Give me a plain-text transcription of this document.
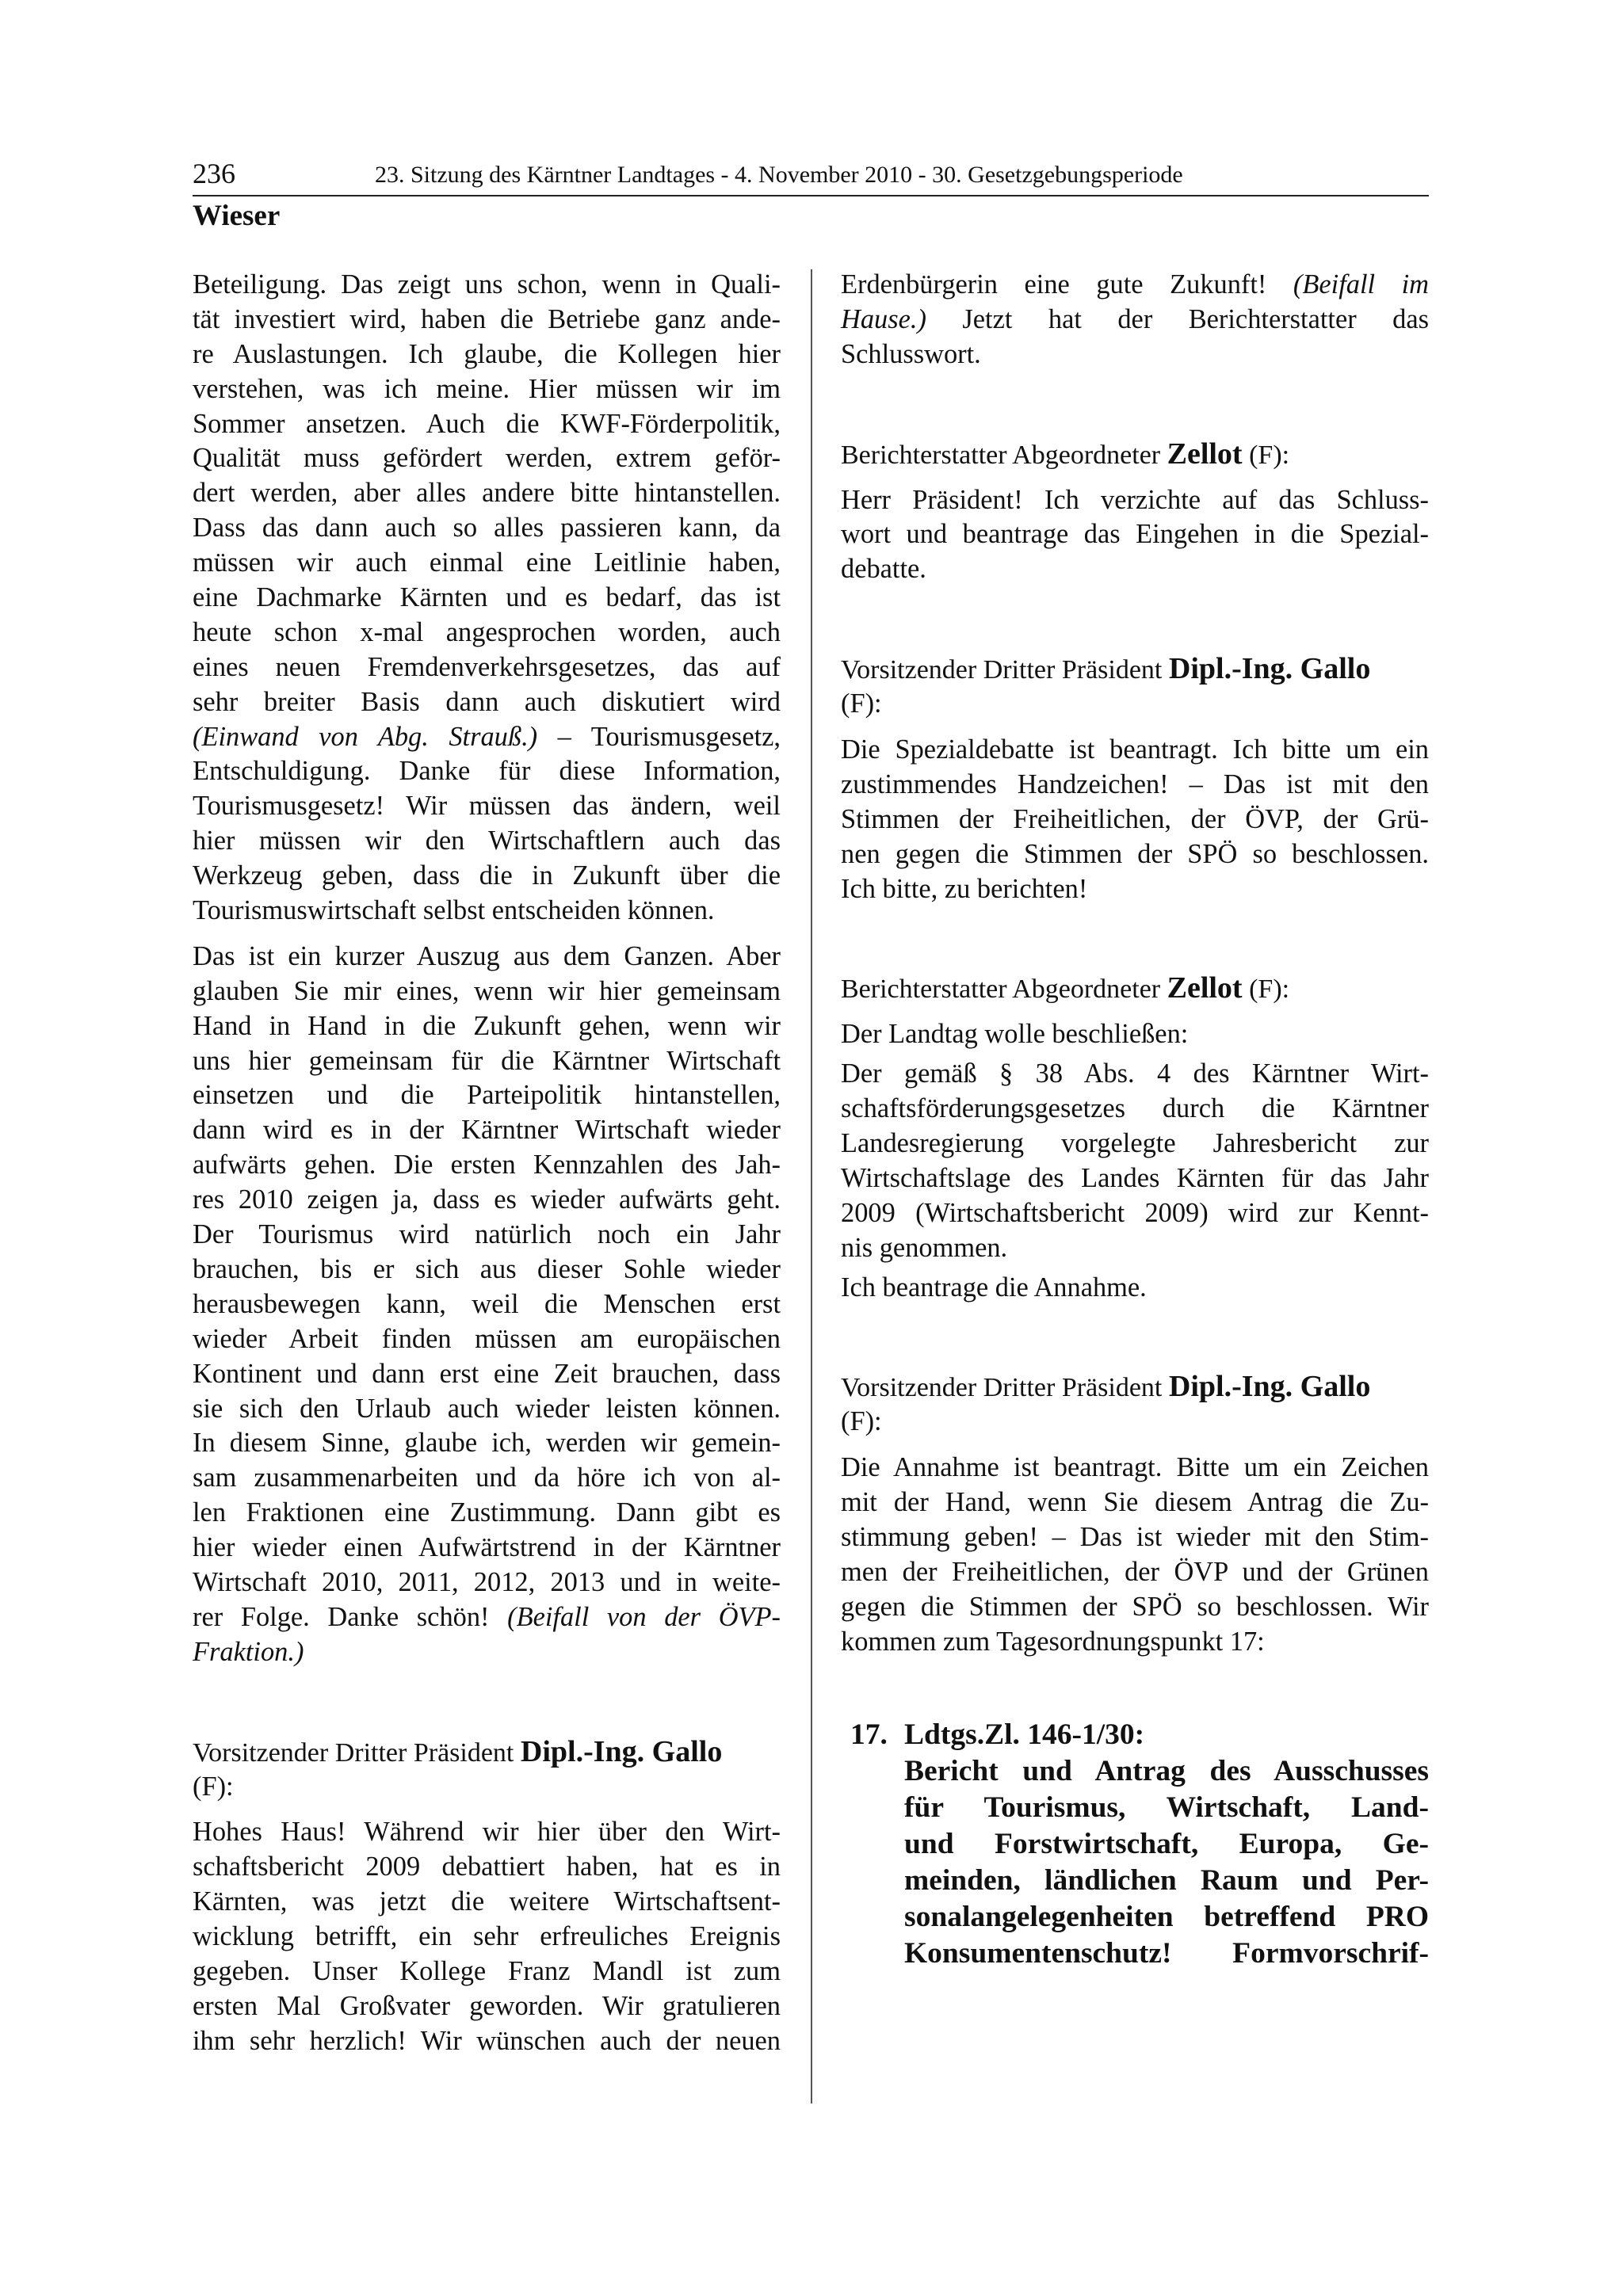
236	23. Sitzung des Kärntner Landtages - 4. November 2010 - 30. Gesetzgebungsperiode
Wieser
Beteiligung. Das zeigt uns schon, wenn in Quali-
tät investiert wird, haben die Betriebe ganz ande-
re Auslastungen. Ich glaube, die Kollegen hier
verstehen, was ich meine. Hier müssen wir im
Sommer ansetzen. Auch die KWF-Förderpolitik,
Qualität muss gefördert werden, extrem geför-
dert werden, aber alles andere bitte hintanstellen.
Dass das dann auch so alles passieren kann, da
müssen wir auch einmal eine Leitlinie haben,
eine Dachmarke Kärnten und es bedarf, das ist
heute schon x-mal angesprochen worden, auch
eines neuen Fremdenverkehrsgesetzes, das auf
sehr breiter Basis dann auch diskutiert wird
(Einwand von Abg. Strauß.) – Tourismusgesetz,
Entschuldigung. Danke für diese Information,
Tourismusgesetz! Wir müssen das ändern, weil
hier müssen wir den Wirtschaftlern auch das
Werkzeug geben, dass die in Zukunft über die
Tourismuswirtschaft selbst entscheiden können.
Das ist ein kurzer Auszug aus dem Ganzen. Aber
glauben Sie mir eines, wenn wir hier gemeinsam
Hand in Hand in die Zukunft gehen, wenn wir
uns hier gemeinsam für die Kärntner Wirtschaft
einsetzen und die Parteipolitik hintanstellen,
dann wird es in der Kärntner Wirtschaft wieder
aufwärts gehen. Die ersten Kennzahlen des Jah-
res 2010 zeigen ja, dass es wieder aufwärts geht.
Der Tourismus wird natürlich noch ein Jahr
brauchen, bis er sich aus dieser Sohle wieder
herausbewegen kann, weil die Menschen erst
wieder Arbeit finden müssen am europäischen
Kontinent und dann erst eine Zeit brauchen, dass
sie sich den Urlaub auch wieder leisten können.
In diesem Sinne, glaube ich, werden wir gemein-
sam zusammenarbeiten und da höre ich von al-
len Fraktionen eine Zustimmung. Dann gibt es
hier wieder einen Aufwärtstrend in der Kärntner
Wirtschaft 2010, 2011, 2012, 2013 und in weite-
rer Folge. Danke schön! (Beifall von der ÖVP-
Fraktion.)
Vorsitzender Dritter Präsident Dipl.-Ing. Gallo
(F):
Hohes Haus! Während wir hier über den Wirt-
schaftsbericht 2009 debattiert haben, hat es in
Kärnten, was jetzt die weitere Wirtschaftsent-
wicklung betrifft, ein sehr erfreuliches Ereignis
gegeben. Unser Kollege Franz Mandl ist zum
ersten Mal Großvater geworden. Wir gratulieren
ihm sehr herzlich! Wir wünschen auch der neuen
Erdenbürgerin eine gute Zukunft! (Beifall im
Hause.) Jetzt hat der Berichterstatter das
Schlusswort.
Berichterstatter Abgeordneter Zellot (F):
Herr Präsident! Ich verzichte auf das Schluss-
wort und beantrage das Eingehen in die Spezial-
debatte.
Vorsitzender Dritter Präsident Dipl.-Ing. Gallo
(F):
Die Spezialdebatte ist beantragt. Ich bitte um ein
zustimmendes Handzeichen! – Das ist mit den
Stimmen der Freiheitlichen, der ÖVP, der Grü-
nen gegen die Stimmen der SPÖ so beschlossen.
Ich bitte, zu berichten!
Berichterstatter Abgeordneter Zellot (F):
Der Landtag wolle beschließen:
Der gemäß § 38 Abs. 4 des Kärntner Wirt-
schaftsförderungsgesetzes durch die Kärntner
Landesregierung vorgelegte Jahresbericht zur
Wirtschaftslage des Landes Kärnten für das Jahr
2009 (Wirtschaftsbericht 2009) wird zur Kennt-
nis genommen.
Ich beantrage die Annahme.
Vorsitzender Dritter Präsident Dipl.-Ing. Gallo
(F):
Die Annahme ist beantragt. Bitte um ein Zeichen
mit der Hand, wenn Sie diesem Antrag die Zu-
stimmung geben! – Das ist wieder mit den Stim-
men der Freiheitlichen, der ÖVP und der Grünen
gegen die Stimmen der SPÖ so beschlossen. Wir
kommen zum Tagesordnungspunkt 17:
17. Ldtgs.Zl. 146-1/30:
Bericht und Antrag des Ausschusses
für Tourismus, Wirtschaft, Land-
und Forstwirtschaft, Europa, Ge-
meinden, ländlichen Raum und Per-
sonalangelegenheiten betreffend PRO
Konsumentenschutz! Formvorschrif-
